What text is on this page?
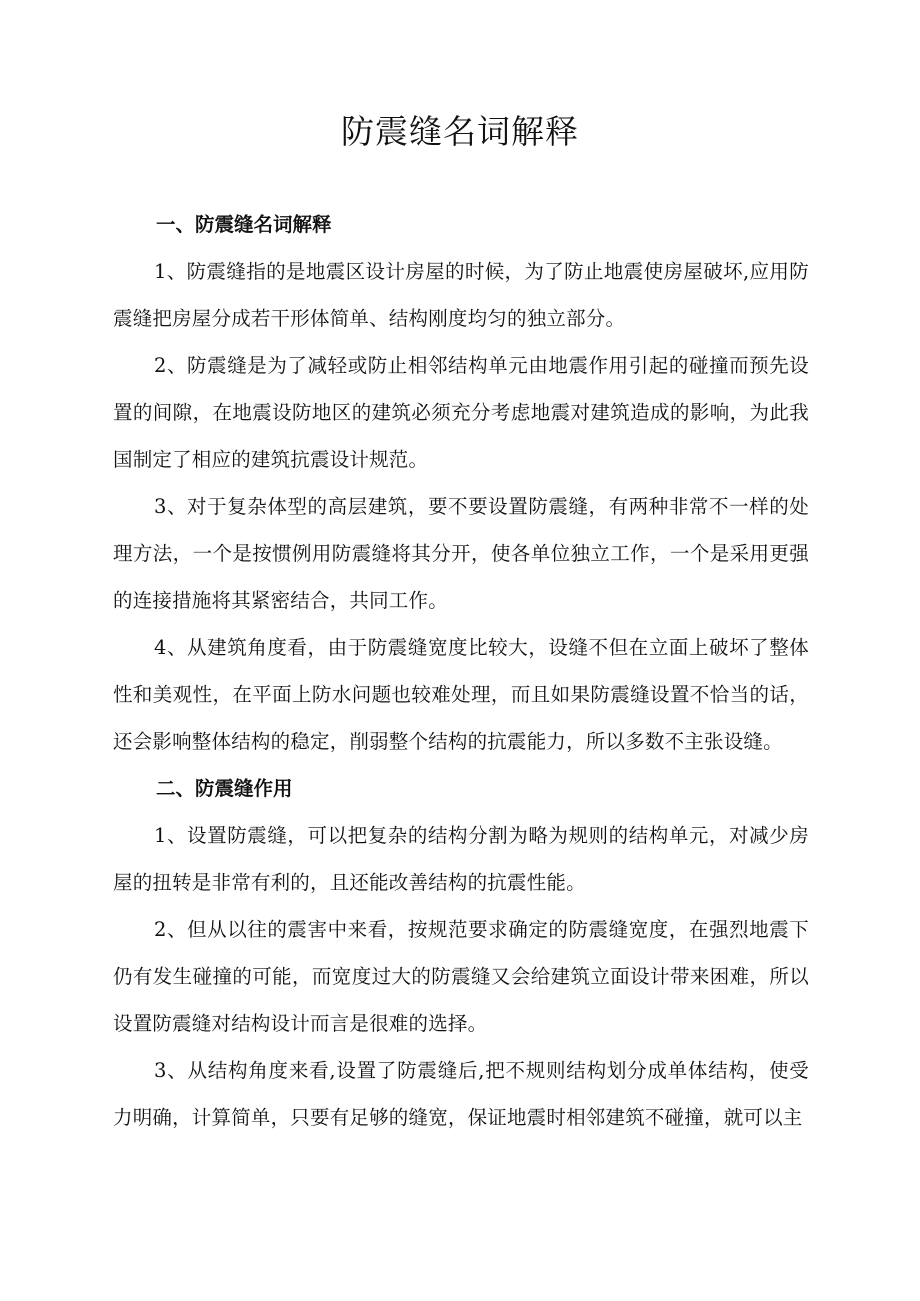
防震缝名词解释
一、防震缝名词解释

1、防震缝指的是地震区设计房屋的时候，为了防止地震使房屋破坏,应用防震缝把房屋分成若干形体简单、结构刚度均匀的独立部分。

2、防震缝是为了减轻或防止相邻结构单元由地震作用引起的碰撞而预先设置的间隙，在地震设防地区的建筑必须充分考虑地震对建筑造成的影响，为此我国制定了相应的建筑抗震设计规范。

3、对于复杂体型的高层建筑，要不要设置防震缝，有两种非常不一样的处理方法，一个是按惯例用防震缝将其分开，使各单位独立工作，一个是采用更强的连接措施将其紧密结合，共同工作。

4、从建筑角度看，由于防震缝宽度比较大，设缝不但在立面上破坏了整体性和美观性，在平面上防水问题也较难处理，而且如果防震缝设置不恰当的话，还会影响整体结构的稳定，削弱整个结构的抗震能力，所以多数不主张设缝。

二、防震缝作用

1、设置防震缝，可以把复杂的结构分割为略为规则的结构单元，对减少房屋的扭转是非常有利的，且还能改善结构的抗震性能。

2、但从以往的震害中来看，按规范要求确定的防震缝宽度，在强烈地震下仍有发生碰撞的可能，而宽度过大的防震缝又会给建筑立面设计带来困难，所以设置防震缝对结构设计而言是很难的选择。

3、从结构角度来看,设置了防震缝后,把不规则结构划分成单体结构，使受力明确，计算简单，只要有足够的缝宽，保证地震时相邻建筑不碰撞，就可以主
